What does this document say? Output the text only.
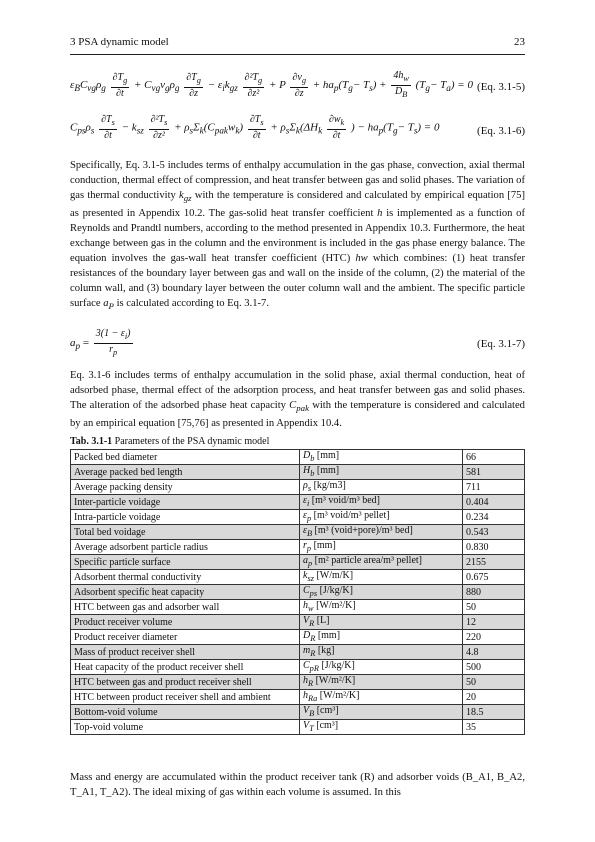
3 PSA dynamic model	23
$\varepsilon_BC_{vg}\rho_g \frac{\partial T_g}{\partial t} + C_{vg}v_g\rho_g \frac{\partial T_g}{\partial z} - \varepsilon_ik_{gz} \frac{\partial^2T_g}{\text{∂z²}} + P \frac{\partial v_g}{\partial z} + ha_p(T_g- T_s) + \frac{4h_w}{D_B} (T_g- T_a) = 0$ (Eq. 3.1-5)
$C_{ps}\rho_s \frac{\partial T_s}{\partial t} - k_{sz} \frac{\partial^2T_s}{\text{∂z²}} + \rho_s\Sigma_k(C_{pak}w_k) \frac{\partial T_s}{\partial t} + \rho_s\Sigma_k(\Delta H_k \frac{\partial w_k}{\partial t}$ ) − $ha_p(T_g- T_s) = 0$	(Eq. 3.1-6)

Specifically, Eq. 3.1-5 includes terms of enthalpy accumulation in the gas phase, convection, axial thermal conduction, thermal effect of compression, and heat transfer between gas and solid phases. The variation of gas thermal conductivity $k_{gz}$ with the temperature is considered and calculated by empirical equation [75] as presented in Appendix 10.2. The gas-solid heat transfer coefficient h is implemented as a function of Reynolds and Prandtl numbers, according to the method presented in Appendix 10.3. Furthermore, the heat exchange between gas in the column and the environment is included in the gas phase energy balance. The equation involves the gas-wall heat transfer coefficient (HTC) hw which combines: (1) heat transfer resistances of the boundary layer between gas and wall on the inside of the column, (2) the material of the column wall, and (3) boundary layer between the outer column wall and the ambient. The specific particle surface $a_P$ is calculated according to Eq. 3.1-7.

$a_p = \frac{3(1 - \varepsilon_i)}{r_p}$	(Eq. 3.1-7)

Eq. 3.1-6 includes terms of enthalpy accumulation in the solid phase, axial thermal conduction, heat of adsorbed phase, thermal effect of the adsorption process, and heat transfer between gas and solid phases. The alteration of the adsorbed phase heat capacity $C_{pak}$ with the temperature is considered and calculated by an empirical equation [75,76] as presented in Appendix 10.4.

Tab. 3.1-1 Parameters of the PSA dynamic model
Packed bed diameter	$D_b$ [mm]	66
Average packed bed length	$H_b$ [mm]	581
Average packing density	$\rho_s$ [kg/m3]	711
Inter-particle voidage	$\varepsilon_i$ [m³ void/m³ bed]	0.404
Intra-particle voidage	$\varepsilon_p$ [m³ void/m³ pellet]	0.234
Total bed voidage	$\varepsilon_B$ [m³ (void+pore)/m³ bed]	0.543
Average adsorbent particle radius	$r_p$ [mm]	0.830
Specific particle surface	$a_p$ [m² particle area/m³ pellet]	2155
Adsorbent thermal conductivity	$k_{sz}$ [W/m/K]	0.675
Adsorbent specific heat capacity	$C_{ps}$ [J/kg/K]	880
HTC between gas and adsorber wall	$h_w$ [W/m²/K]	50
Product receiver volume	$V_R$ [L]	12
Product receiver diameter	$D_R$ [mm]	220
Mass of product receiver shell	$m_R$ [kg]	4.8
Heat capacity of the product receiver shell	$C_{pR}$ [J/kg/K]	500
HTC between gas and product receiver shell	$h_R$ [W/m²/K]	50
HTC between product receiver shell and ambient	$h_{Ra}$ [W/m²/K]	20
Bottom-void volume	$V_B$ [cm³]	18.5
Top-void volume	$V_T$ [cm³]	35

Mass and energy are accumulated within the product receiver tank (R) and adsorber voids (B_A1, B_A2, T_A1, T_A2). The ideal mixing of gas within each volume is assumed. In this
